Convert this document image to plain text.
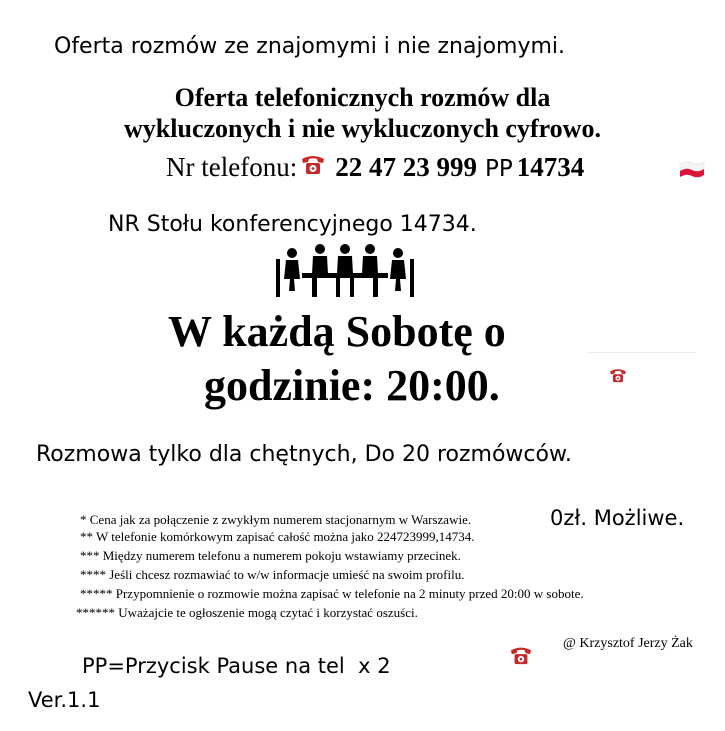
Oferta rozmów ze znajomymi i nie znajomymi.
Oferta telefonicznych rozmów dla
wykluczonych i nie wykluczonych cyfrowo.
Nr telefonu: 22 47 23 999 PP 14734
NR Stołu konferencyjnego 14734.
W każdą Sobotę o
godzinie: 20:00.
Rozmowa tylko dla chętnych, Do 20 rozmówców.
* Cena jak za połączenie z zwykłym numerem stacjonarnym w Warszawie.
** W telefonie komórkowym zapisać całość można jako 224723999,14734.
*** Między numerem telefonu a numerem pokoju wstawiamy przecinek.
**** Jeśli chcesz rozmawiać to w/w informacje umieść na swoim profilu.
***** Przypomnienie o rozmowie można zapisać w telefonie na 2 minuty przed 20:00 w sobote.
****** Uważajcie te ogłoszenie mogą czytać i korzystać oszuści.
0zł. Możliwe.
@ Krzysztof Jerzy Żak
PP=Przycisk Pause na tel  x 2
Ver.1.1
